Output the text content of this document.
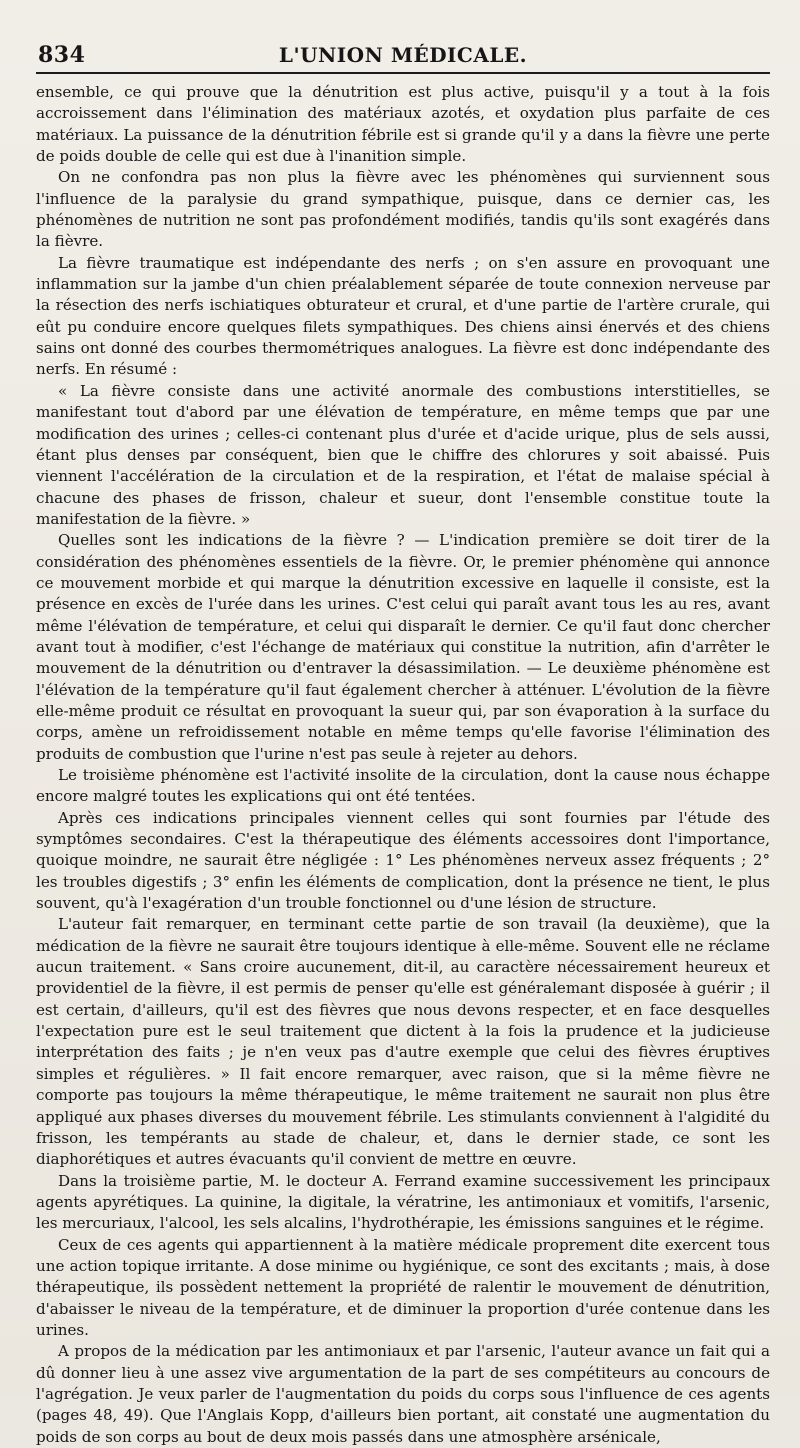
834	L'UNION MÉDICALE.

ensemble, ce qui prouve que la dénutrition est plus active, puisqu'il y a tout à la fois accroissement dans l'élimination des matériaux azotés, et oxydation plus parfaite de ces matériaux. La puissance de la dénutrition fébrile est si grande qu'il y a dans la fièvre une perte de poids double de celle qui est due à l'inanition simple.

On ne confondra pas non plus la fièvre avec les phénomènes qui surviennent sous l'influence de la paralysie du grand sympathique, puisque, dans ce dernier cas, les phénomènes de nutrition ne sont pas profondément modifiés, tandis qu'ils sont exagérés dans la fièvre.

La fièvre traumatique est indépendante des nerfs ; on s'en assure en provoquant une inflammation sur la jambe d'un chien préalablement séparée de toute connexion nerveuse par la résection des nerfs ischiatiques obturateur et crural, et d'une partie de l'artère crurale, qui eût pu conduire encore quelques filets sympathiques. Des chiens ainsi énervés et des chiens sains ont donné des courbes thermométriques analogues. La fièvre est donc indépendante des nerfs. En résumé :

« La fièvre consiste dans une activité anormale des combustions interstitielles, se manifestant tout d'abord par une élévation de température, en même temps que par une modification des urines ; celles-ci contenant plus d'urée et d'acide urique, plus de sels aussi, étant plus denses par conséquent, bien que le chiffre des chlorures y soit abaissé. Puis viennent l'accélération de la circulation et de la respiration, et l'état de malaise spécial à chacune des phases de frisson, chaleur et sueur, dont l'ensemble constitue toute la manifestation de la fièvre. »

Quelles sont les indications de la fièvre ? — L'indication première se doit tirer de la considération des phénomènes essentiels de la fièvre. Or, le premier phénomène qui annonce ce mouvement morbide et qui marque la dénutrition excessive en laquelle il consiste, est la présence en excès de l'urée dans les urines. C'est celui qui paraît avant tous les au res, avant même l'élévation de température, et celui qui disparaît le dernier. Ce qu'il faut donc chercher avant tout à modifier, c'est l'échange de matériaux qui constitue la nutrition, afin d'arrêter le mouvement de la dénutrition ou d'entraver la désassimilation. — Le deuxième phénomène est l'élévation de la température qu'il faut également chercher à atténuer. L'évolution de la fièvre elle-même produit ce résultat en provoquant la sueur qui, par son évaporation à la surface du corps, amène un refroidissement notable en même temps qu'elle favorise l'élimination des produits de combustion que l'urine n'est pas seule à rejeter au dehors.

Le troisième phénomène est l'activité insolite de la circulation, dont la cause nous échappe encore malgré toutes les explications qui ont été tentées.

Après ces indications principales viennent celles qui sont fournies par l'étude des symptômes secondaires. C'est la thérapeutique des éléments accessoires dont l'importance, quoique moindre, ne saurait être négligée : 1° Les phénomènes nerveux assez fréquents ; 2° les troubles digestifs ; 3° enfin les éléments de complication, dont la présence ne tient, le plus souvent, qu'à l'exagération d'un trouble fonctionnel ou d'une lésion de structure.

L'auteur fait remarquer, en terminant cette partie de son travail (la deuxième), que la médication de la fièvre ne saurait être toujours identique à elle-même. Souvent elle ne réclame aucun traitement. « Sans croire aucunement, dit-il, au caractère nécessairement heureux et providentiel de la fièvre, il est permis de penser qu'elle est généralemant disposée à guérir ; il est certain, d'ailleurs, qu'il est des fièvres que nous devons respecter, et en face desquelles l'expectation pure est le seul traitement que dictent à la fois la prudence et la judicieuse interprétation des faits ; je n'en veux pas d'autre exemple que celui des fièvres éruptives simples et régulières. » Il fait encore remarquer, avec raison, que si la même fièvre ne comporte pas toujours la même thérapeutique, le même traitement ne saurait non plus être appliqué aux phases diverses du mouvement fébrile. Les stimulants conviennent à l'algidité du frisson, les tempérants au stade de chaleur, et, dans le dernier stade, ce sont les diaphorétiques et autres évacuants qu'il convient de mettre en œuvre.

Dans la troisième partie, M. le docteur A. Ferrand examine successivement les principaux agents apyrétiques. La quinine, la digitale, la vératrine, les antimoniaux et vomitifs, l'arsenic, les mercuriaux, l'alcool, les sels alcalins, l'hydrothérapie, les émissions sanguines et le régime.

Ceux de ces agents qui appartiennent à la matière médicale proprement dite exercent tous une action topique irritante. A dose minime ou hygiénique, ce sont des excitants ; mais, à dose thérapeutique, ils possèdent nettement la propriété de ralentir le mouvement de dénutrition, d'abaisser le niveau de la température, et de diminuer la proportion d'urée contenue dans les urines.

A propos de la médication par les antimoniaux et par l'arsenic, l'auteur avance un fait qui a dû donner lieu à une assez vive argumentation de la part de ses compétiteurs au concours de l'agrégation. Je veux parler de l'augmentation du poids du corps sous l'influence de ces agents (pages 48, 49). Que l'Anglais Kopp, d'ailleurs bien portant, ait constaté une augmentation du poids de son corps au bout de deux mois passés dans une atmosphère arsénicale,
